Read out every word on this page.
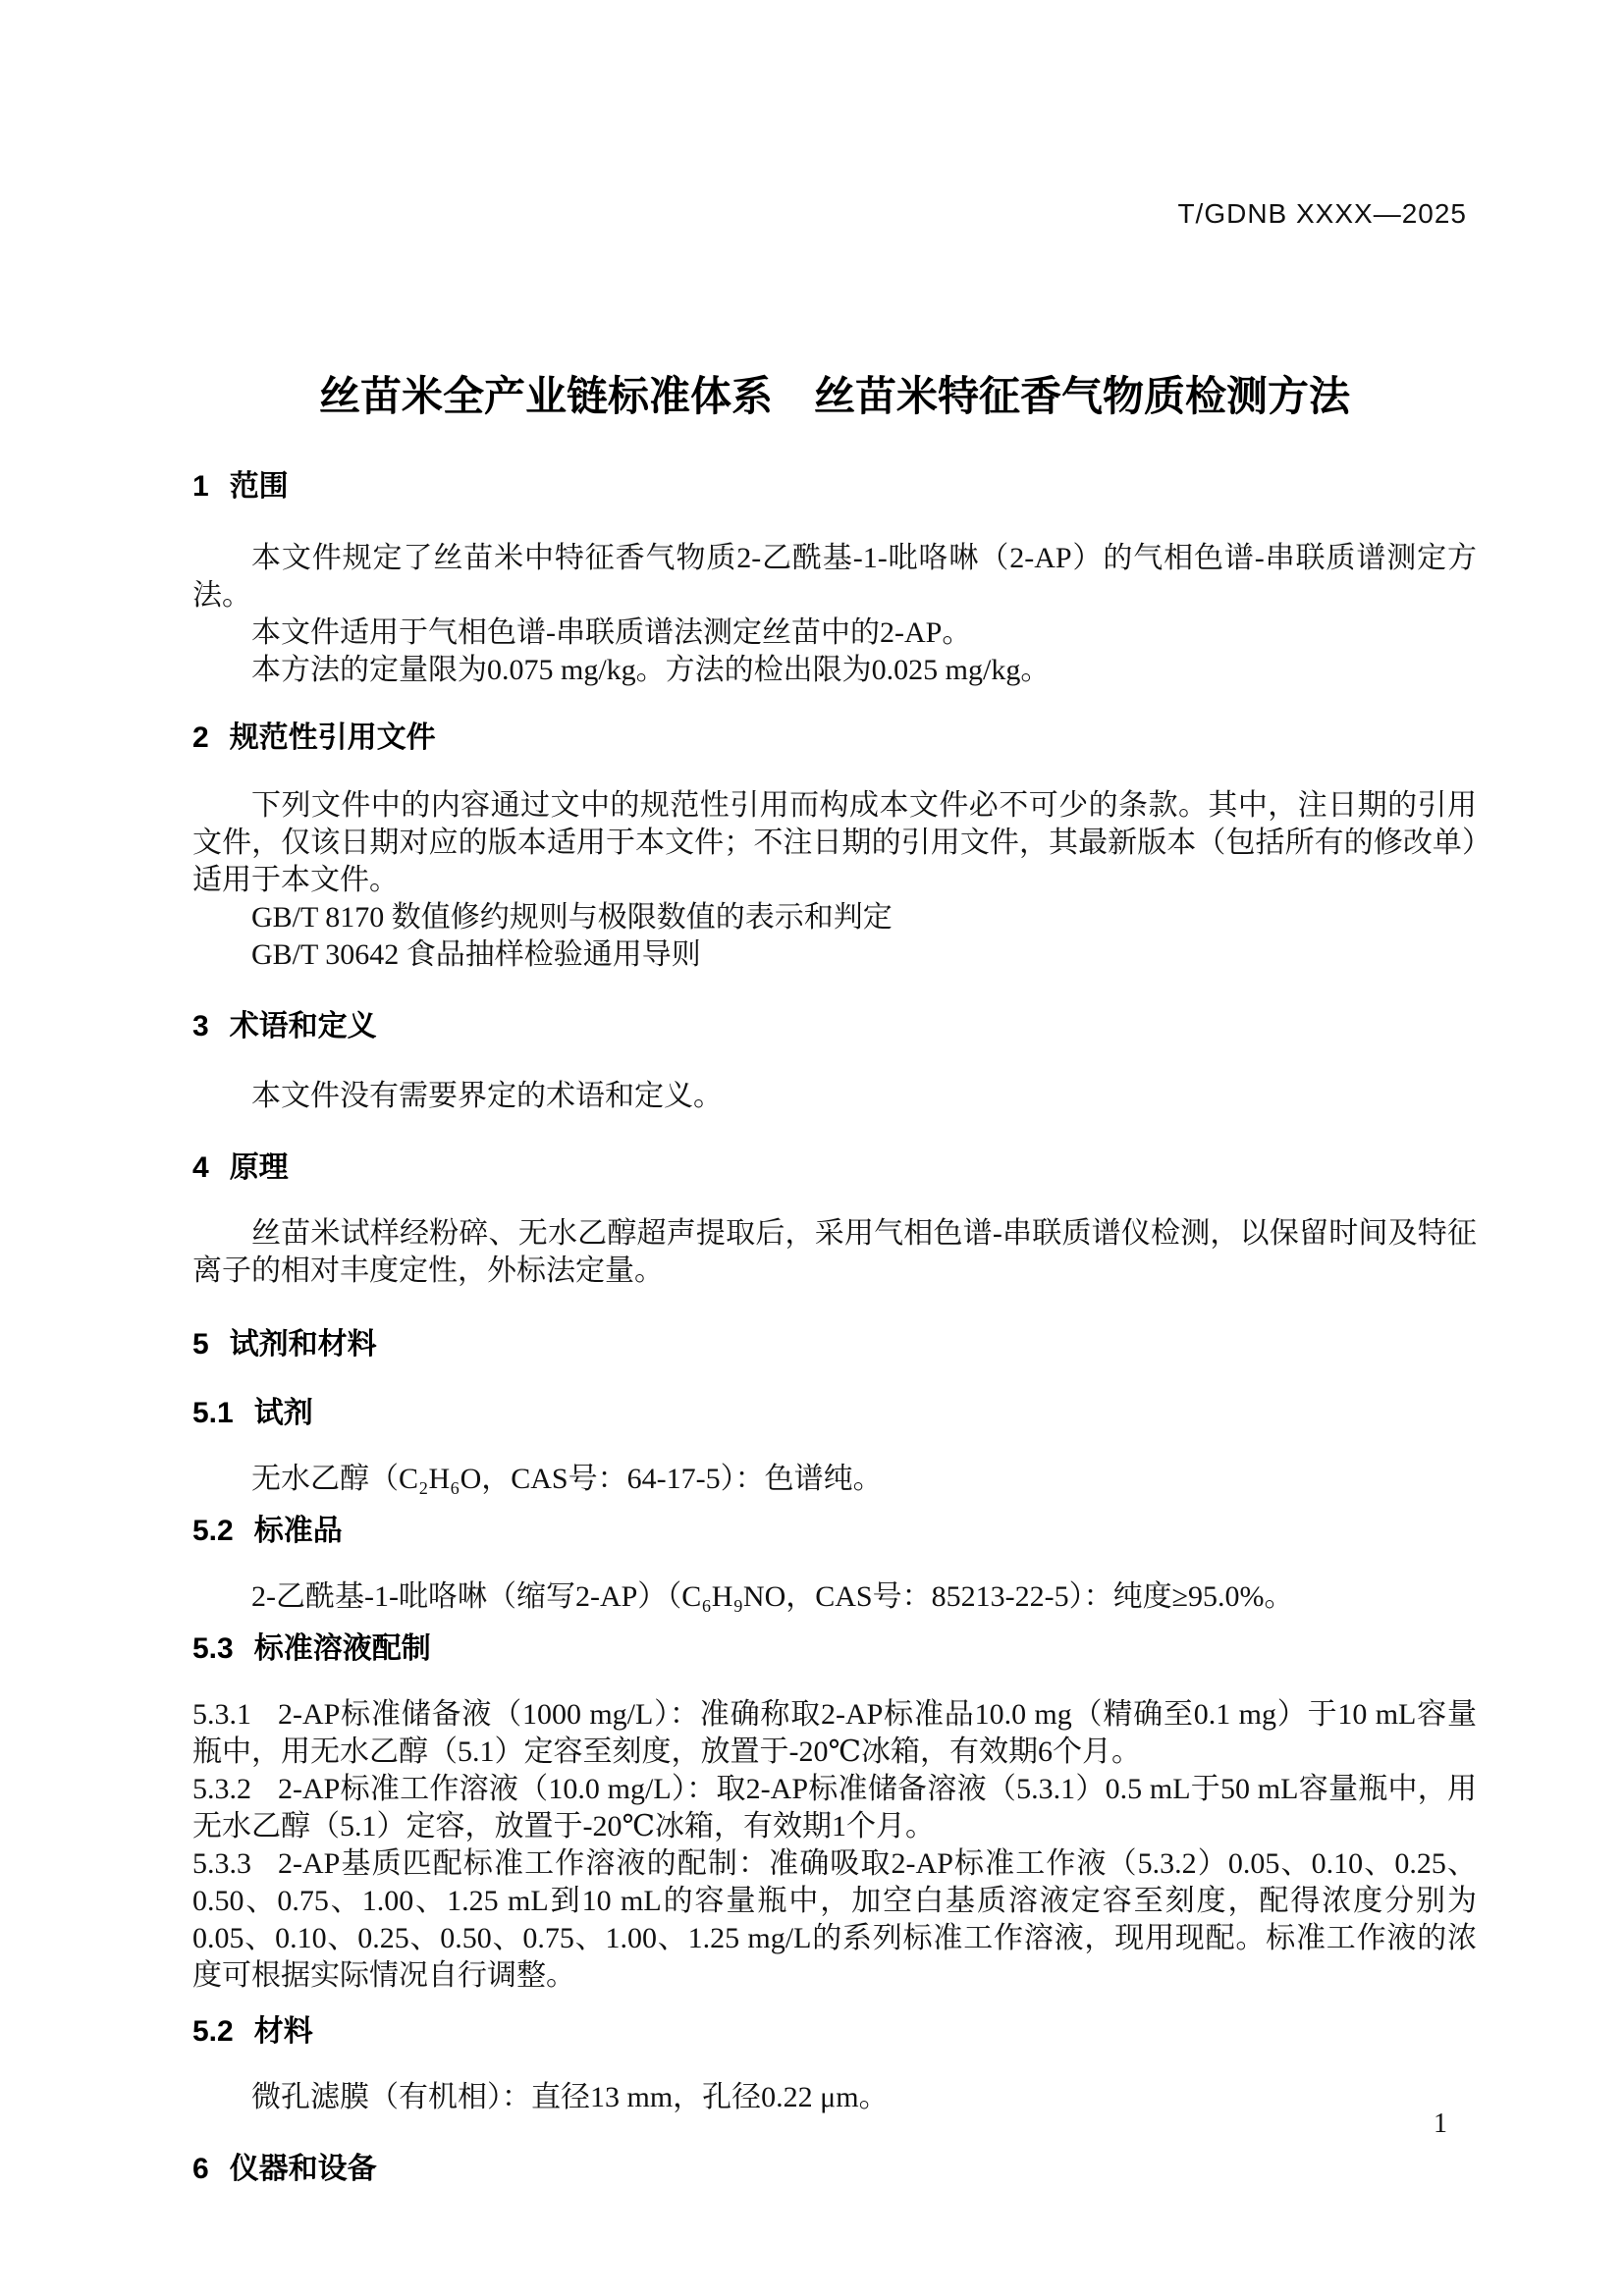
T/GDNB XXXX—2025
丝苗米全产业链标准体系　丝苗米特征香气物质检测方法
1 范围

本文件规定了丝苗米中特征香气物质2-乙酰基-1-吡咯啉（2-AP）的气相色谱-串联质谱测定方法。

本文件适用于气相色谱-串联质谱法测定丝苗中的2-AP。

本方法的定量限为0.075 mg/kg。方法的检出限为0.025 mg/kg。

2 规范性引用文件

下列文件中的内容通过文中的规范性引用而构成本文件必不可少的条款。其中，注日期的引用文件，仅该日期对应的版本适用于本文件；不注日期的引用文件，其最新版本（包括所有的修改单）适用于本文件。

GB/T 8170 数值修约规则与极限数值的表示和判定

GB/T 30642 食品抽样检验通用导则

3 术语和定义

本文件没有需要界定的术语和定义。

4 原理

丝苗米试样经粉碎、无水乙醇超声提取后，采用气相色谱-串联质谱仪检测，以保留时间及特征离子的相对丰度定性，外标法定量。

5 试剂和材料
5.1 试剂

无水乙醇（C₂H₆O，CAS号：64-17-5）：色谱纯。

5.2 标准品

2-乙酰基-1-吡咯啉（缩写2-AP）（C₆H₉NO，CAS号：85213-22-5）：纯度≥95.0%。

5.3 标准溶液配制

5.3.1 2-AP标准储备液（1000 mg/L）：准确称取2-AP标准品10.0 mg（精确至0.1 mg）于10 mL容量瓶中，用无水乙醇（5.1）定容至刻度，放置于-20℃冰箱，有效期6个月。

5.3.2 2-AP标准工作溶液（10.0 mg/L）：取2-AP标准储备溶液（5.3.1）0.5 mL于50 mL容量瓶中，用无水乙醇（5.1）定容，放置于-20℃冰箱，有效期1个月。

5.3.3 2-AP基质匹配标准工作溶液的配制：准确吸取2-AP标准工作液（5.3.2）0.05、0.10、0.25、0.50、0.75、1.00、1.25 mL到10 mL的容量瓶中，加空白基质溶液定容至刻度，配得浓度分别为0.05、0.10、0.25、0.50、0.75、1.00、1.25 mg/L的系列标准工作溶液，现用现配。标准工作液的浓度可根据实际情况自行调整。

5.2 材料

微孔滤膜（有机相）：直径13 mm，孔径0.22 μm。

6 仪器和设备
1
